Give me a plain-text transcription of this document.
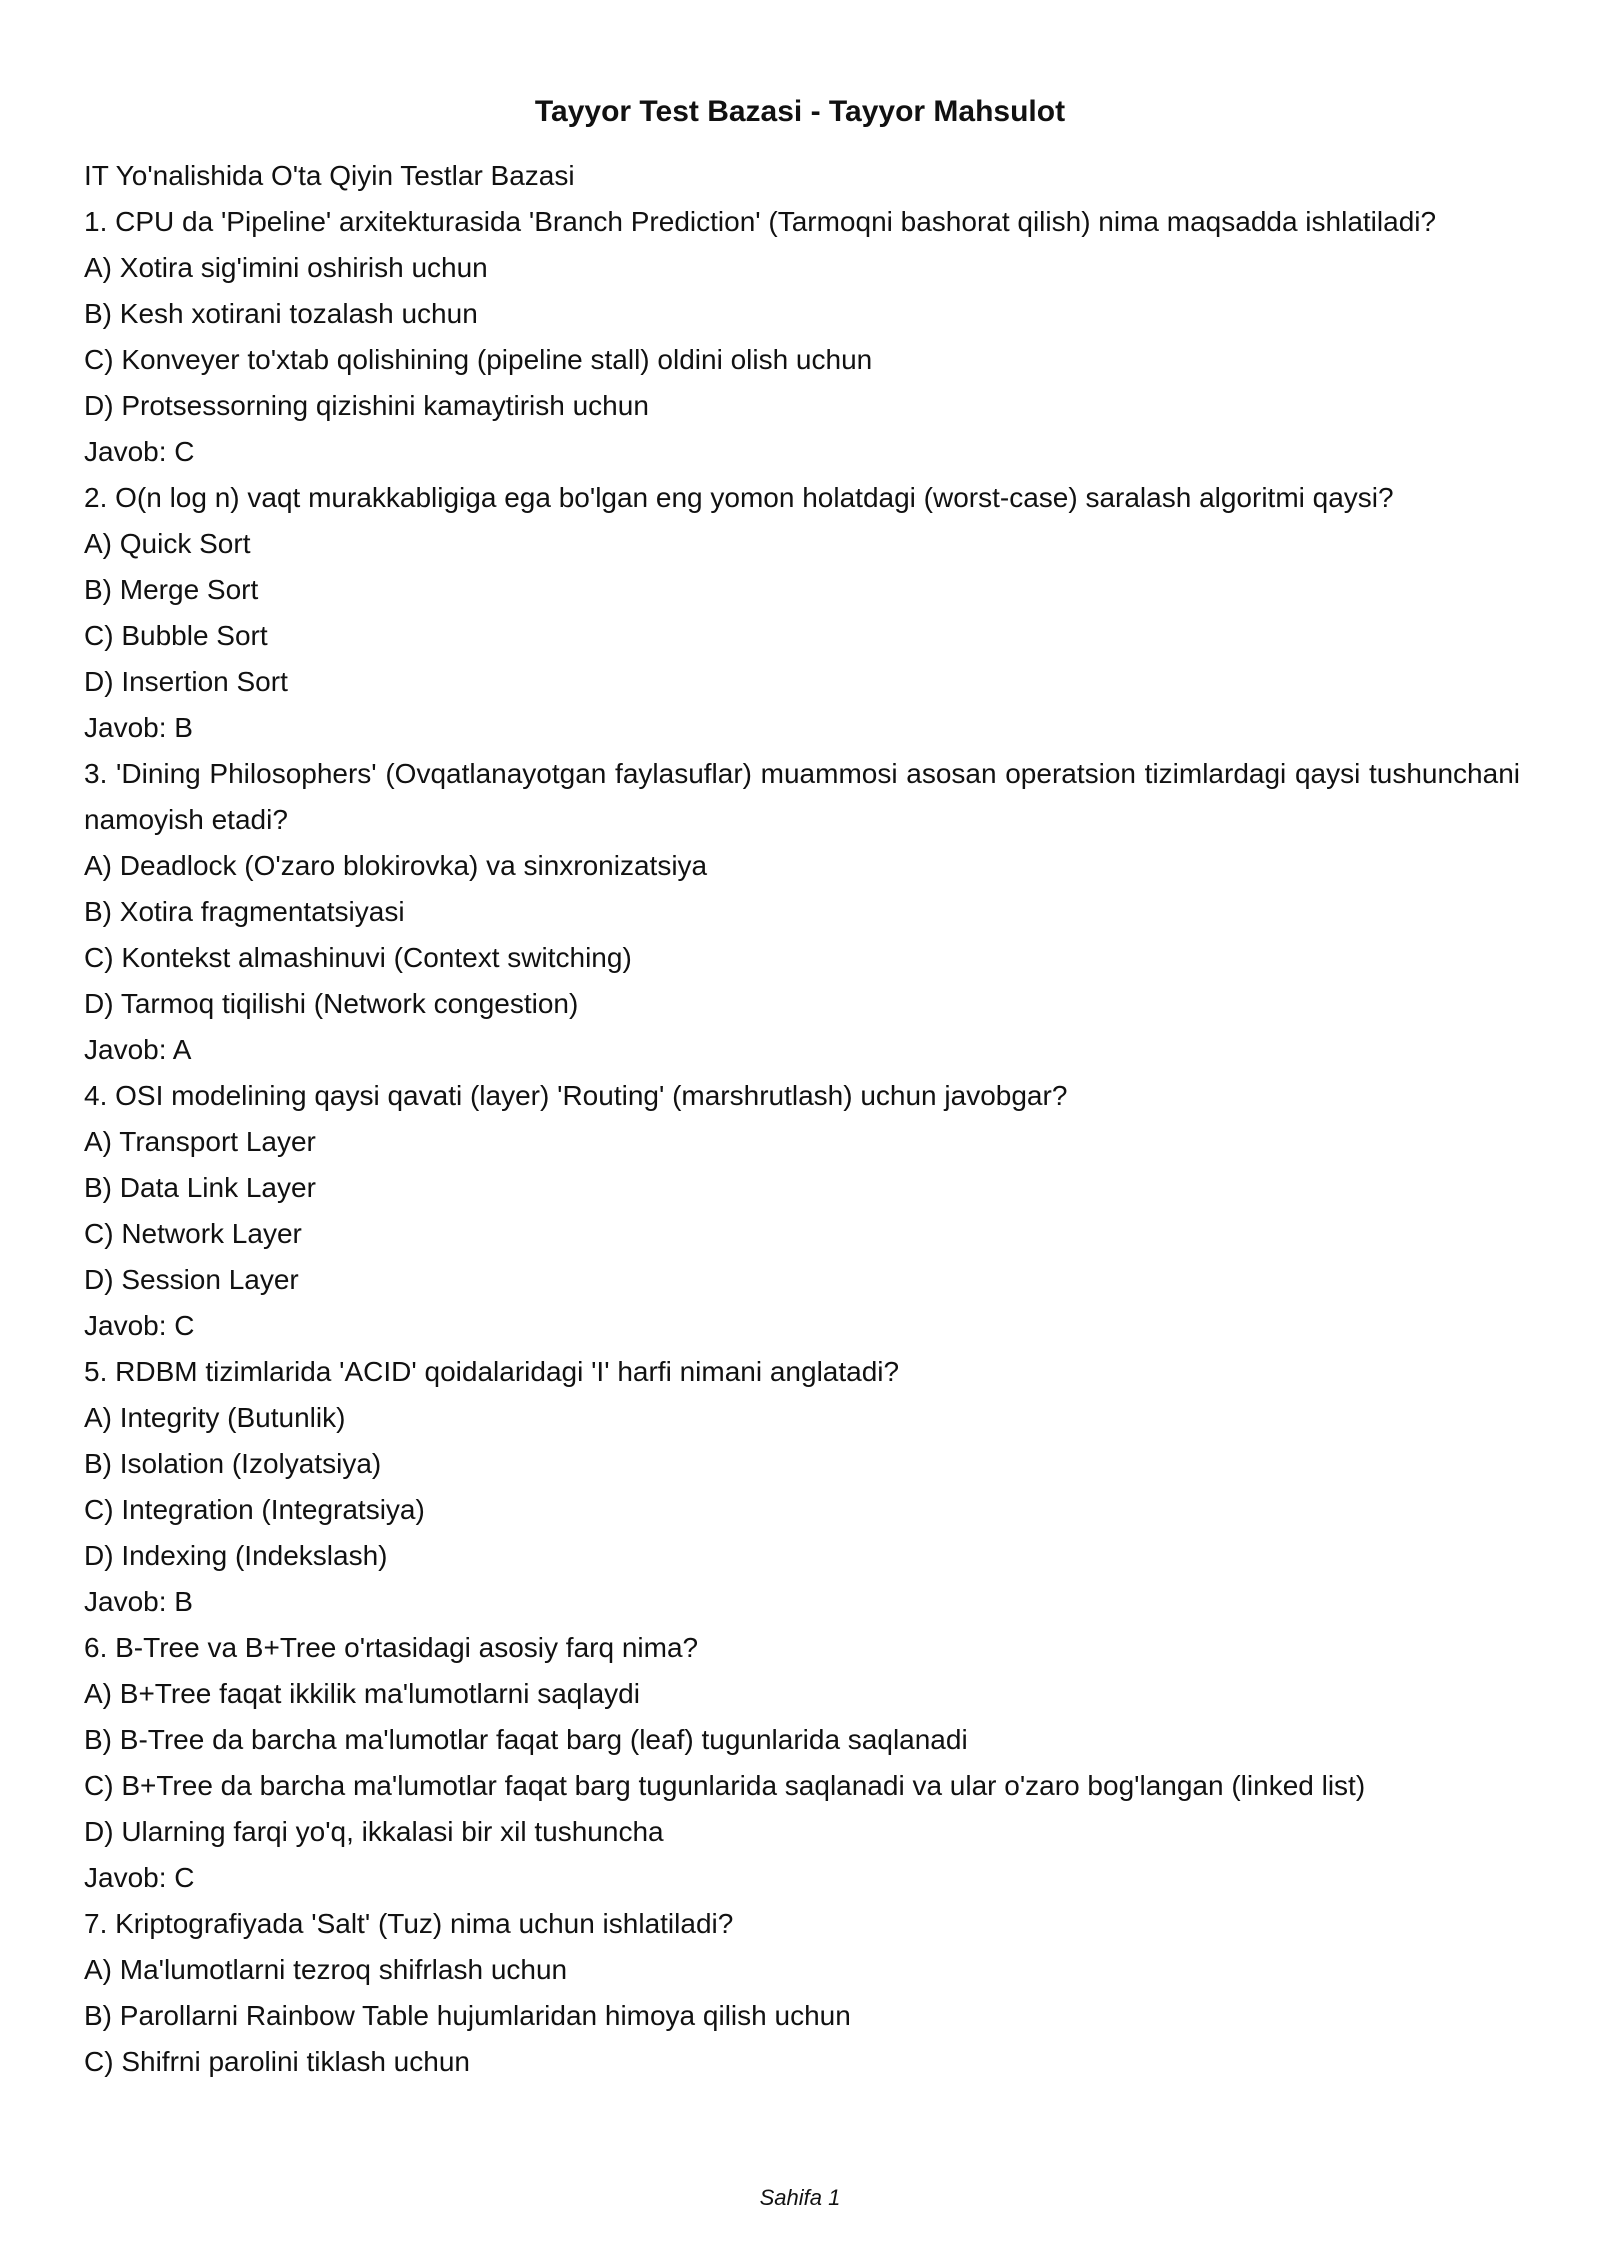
Tayyor Test Bazasi - Tayyor Mahsulot

IT Yo'nalishida O'ta Qiyin Testlar Bazasi

1. CPU da 'Pipeline' arxitekturasida 'Branch Prediction' (Tarmoqni bashorat qilish) nima maqsadda ishlatiladi?

A) Xotira sig'imini oshirish uchun

B) Kesh xotirani tozalash uchun

C) Konveyer to'xtab qolishining (pipeline stall) oldini olish uchun

D) Protsessorning qizishini kamaytirish uchun

Javob: C

2. O(n log n) vaqt murakkabligiga ega bo'lgan eng yomon holatdagi (worst-case) saralash algoritmi qaysi?

A) Quick Sort

B) Merge Sort

C) Bubble Sort

D) Insertion Sort

Javob: B

3. 'Dining Philosophers' (Ovqatlanayotgan faylasuflar) muammosi asosan operatsion tizimlardagi qaysi tushunchani namoyish etadi?

A) Deadlock (O'zaro blokirovka) va sinxronizatsiya

B) Xotira fragmentatsiyasi

C) Kontekst almashinuvi (Context switching)

D) Tarmoq tiqilishi (Network congestion)

Javob: A

4. OSI modelining qaysi qavati (layer) 'Routing' (marshrutlash) uchun javobgar?

A) Transport Layer

B) Data Link Layer

C) Network Layer

D) Session Layer

Javob: C

5. RDBM tizimlarida 'ACID' qoidalaridagi 'I' harfi nimani anglatadi?

A) Integrity (Butunlik)

B) Isolation (Izolyatsiya)

C) Integration (Integratsiya)

D) Indexing (Indekslash)

Javob: B

6. B-Tree va B+Tree o'rtasidagi asosiy farq nima?

A) B+Tree faqat ikkilik ma'lumotlarni saqlaydi

B) B-Tree da barcha ma'lumotlar faqat barg (leaf) tugunlarida saqlanadi

C) B+Tree da barcha ma'lumotlar faqat barg tugunlarida saqlanadi va ular o'zaro bog'langan (linked list)

D) Ularning farqi yo'q, ikkalasi bir xil tushuncha

Javob: C

7. Kriptografiyada 'Salt' (Tuz) nima uchun ishlatiladi?

A) Ma'lumotlarni tezroq shifrlash uchun

B) Parollarni Rainbow Table hujumlaridan himoya qilish uchun

C) Shifrni parolini tiklash uchun

Sahifa 1
